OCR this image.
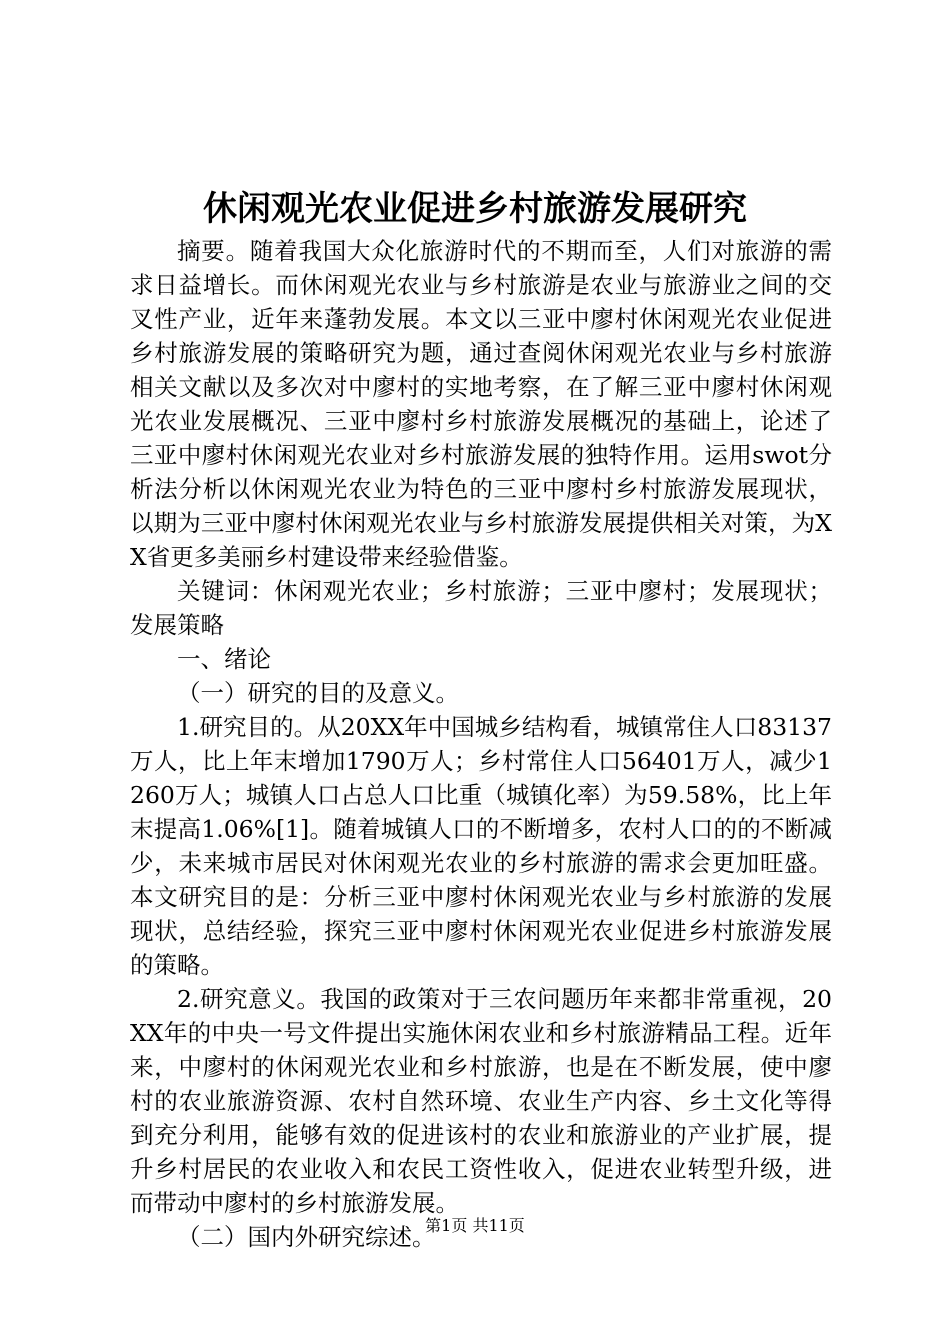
休闲观光农业促进乡村旅游发展研究

摘要。随着我国大众化旅游时代的不期而至，人们对旅游的需求日益增长。而休闲观光农业与乡村旅游是农业与旅游业之间的交叉性产业，近年来蓬勃发展。本文以三亚中廖村休闲观光农业促进乡村旅游发展的策略研究为题，通过查阅休闲观光农业与乡村旅游相关文献以及多次对中廖村的实地考察，在了解三亚中廖村休闲观光农业发展概况、三亚中廖村乡村旅游发展概况的基础上，论述了三亚中廖村休闲观光农业对乡村旅游发展的独特作用。运用swot分析法分析以休闲观光农业为特色的三亚中廖村乡村旅游发展现状，以期为三亚中廖村休闲观光农业与乡村旅游发展提供相关对策，为XX省更多美丽乡村建设带来经验借鉴。

关键词：休闲观光农业；乡村旅游；三亚中廖村；发展现状；发展策略

一、绪论

（一）研究的目的及意义。

1.研究目的。从20XX年中国城乡结构看，城镇常住人口83137万人，比上年末增加1790万人；乡村常住人口56401万人，减少1260万人；城镇人口占总人口比重（城镇化率）为59.58%，比上年末提高1.06%[1]。随着城镇人口的不断增多，农村人口的的不断减少，未来城市居民对休闲观光农业的乡村旅游的需求会更加旺盛。本文研究目的是：分析三亚中廖村休闲观光农业与乡村旅游的发展现状，总结经验，探究三亚中廖村休闲观光农业促进乡村旅游发展的策略。

2.研究意义。我国的政策对于三农问题历年来都非常重视，20XX年的中央一号文件提出实施休闲农业和乡村旅游精品工程。近年来，中廖村的休闲观光农业和乡村旅游，也是在不断发展，使中廖村的农业旅游资源、农村自然环境、农业生产内容、乡土文化等得到充分利用，能够有效的促进该村的农业和旅游业的产业扩展，提升乡村居民的农业收入和农民工资性收入，促进农业转型升级，进而带动中廖村的乡村旅游发展。

（二）国内外研究综述。

第1页 共11页
